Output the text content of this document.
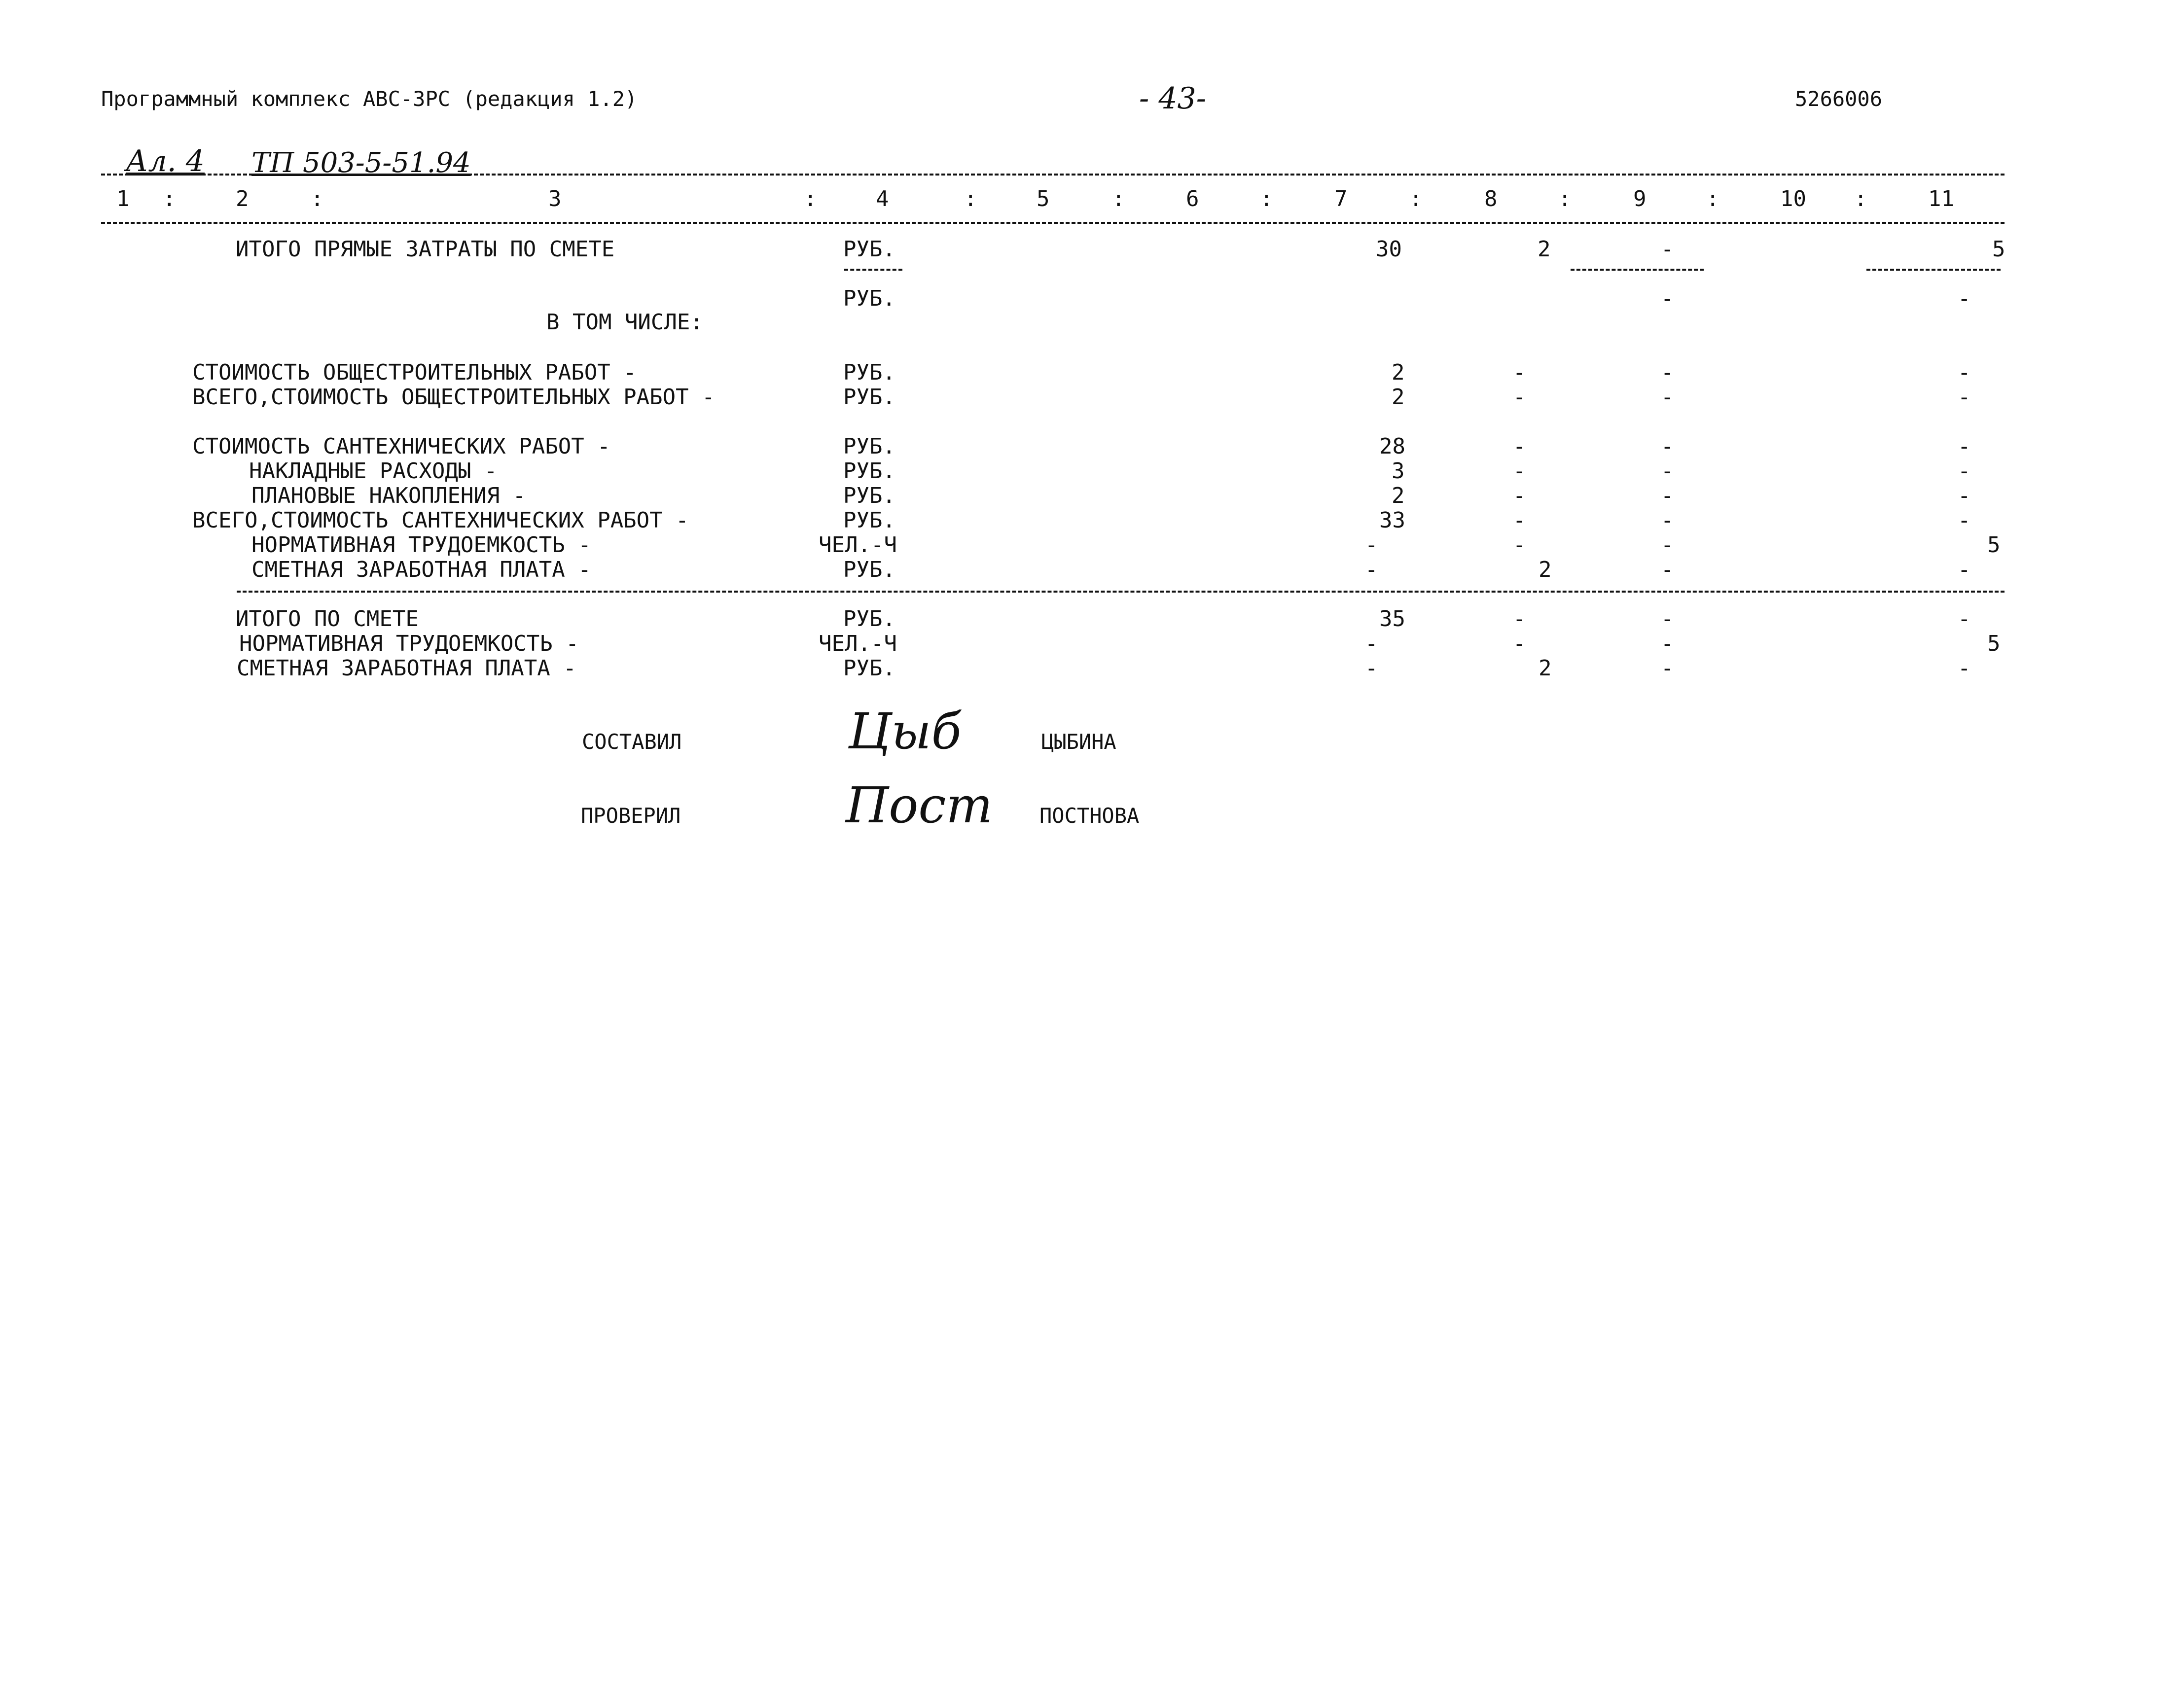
Программный комплекс АВС-3РС (редакция 1.2)	- 43-	5266006
Ал. 4 ТП 503-5-51.94
1	2	3	4	5	6	7	8	9	10	11
:	:	:	:	:	:	:	:	:	:
ИТОГО ПРЯМЫЕ ЗАТРАТЫ ПО СМЕТЕ	РУБ.	30	2	-	5
РУБ.	-	-
В ТОМ ЧИСЛЕ:
СТОИМОСТЬ ОБЩЕСТРОИТЕЛЬНЫХ РАБОТ -	РУБ.	2	-	-	-
ВСЕГО,СТОИМОСТЬ ОБЩЕСТРОИТЕЛЬНЫХ РАБОТ -	РУБ.	2	-	-	-
СТОИМОСТЬ САНТЕХНИЧЕСКИХ РАБОТ -	РУБ.	28	-	-	-
НАКЛАДНЫЕ РАСХОДЫ -	РУБ.	3	-	-	-
ПЛАНОВЫЕ НАКОПЛЕНИЯ -	РУБ.	2	-	-	-
ВСЕГО,СТОИМОСТЬ САНТЕХНИЧЕСКИХ РАБОТ -	РУБ.	33	-	-	-
НОРМАТИВНАЯ ТРУДОЕМКОСТЬ -	ЧЕЛ.-Ч	-	-	-	5
СМЕТНАЯ ЗАРАБОТНАЯ ПЛАТА -	РУБ.	-	2	-	-
ИТОГО ПО СМЕТЕ	РУБ.	35	-	-	-
НОРМАТИВНАЯ ТРУДОЕМКОСТЬ -	ЧЕЛ.-Ч	-	-	-	5
СМЕТНАЯ ЗАРАБОТНАЯ ПЛАТА -	РУБ.	-	2	-	-
СОСТАВИЛ	Цыб	ЦЫБИНА
ПРОВЕРИЛ	Пост ПОСТНОВА
